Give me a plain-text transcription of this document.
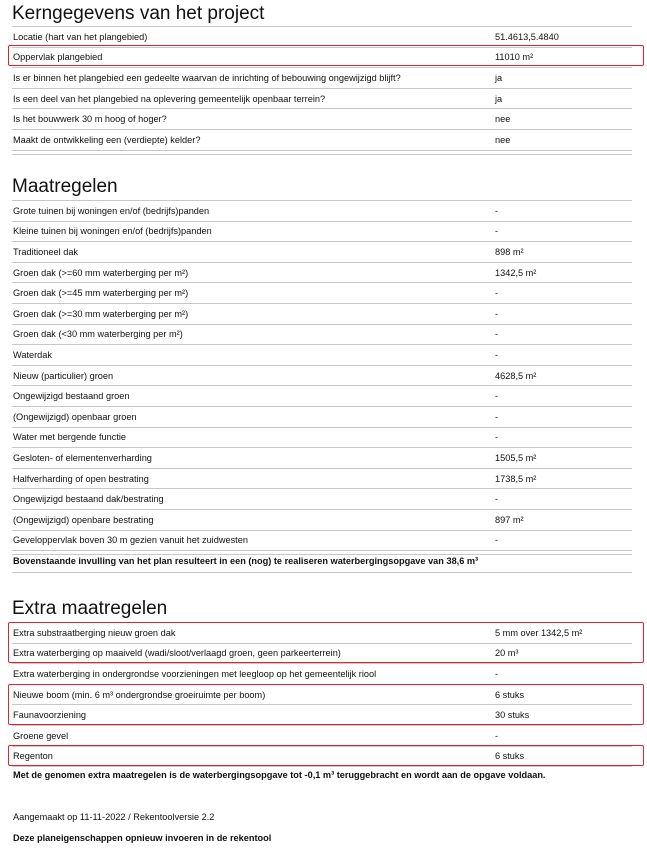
Kerngegevens van het project
Locatie (hart van het plangebied)	51.4613,5.4840
Oppervlak plangebied	11010 m²
Is er binnen het plangebied een gedeelte waarvan de inrichting of bebouwing ongewijzigd blijft?	ja
Is een deel van het plangebied na oplevering gemeentelijk openbaar terrein?	ja
Is het bouwwerk 30 m hoog of hoger?	nee
Maakt de ontwikkeling een (verdiepte) kelder?	nee
Maatregelen
Grote tuinen bij woningen en/of (bedrijfs)panden	-
Kleine tuinen bij woningen en/of (bedrijfs)panden	-
Traditioneel dak	898 m²
Groen dak (>=60 mm waterberging per m²)	1342,5 m²
Groen dak (>=45 mm waterberging per m²)	-
Groen dak (>=30 mm waterberging per m²)	-
Groen dak (<30 mm waterberging per m²)	-
Waterdak	-
Nieuw (particulier) groen	4628,5 m²
Ongewijzigd bestaand groen	-
(Ongewijzigd) openbaar groen	-
Water met bergende functie	-
Gesloten- of elementenverharding	1505,5 m²
Halfverharding of open bestrating	1738,5 m²
Ongewijzigd bestaand dak/bestrating	-
(Ongewijzigd) openbare bestrating	897 m²
Geveloppervlak boven 30 m gezien vanuit het zuidwesten	-
Bovenstaande invulling van het plan resulteert in een (nog) te realiseren waterbergingsopgave van 38,6 m³
Extra maatregelen
Extra substraatberging nieuw groen dak	5 mm over 1342,5 m²
Extra waterberging op maaiveld (wadi/sloot/verlaagd groen, geen parkeerterrein)	20 m³
Extra waterberging in ondergrondse voorzieningen met leegloop op het gemeentelijk riool	-
Nieuwe boom (min. 6 m³ ondergrondse groeiruimte per boom)	6 stuks
Faunavoorziening	30 stuks
Groene gevel	-
Regenton	6 stuks
Met de genomen extra maatregelen is de waterbergingsopgave tot -0,1 m³ teruggebracht en wordt aan de opgave voldaan.
Aangemaakt op 11-11-2022 / Rekentoolversie 2.2
Deze planeigenschappen opnieuw invoeren in de rekentool
